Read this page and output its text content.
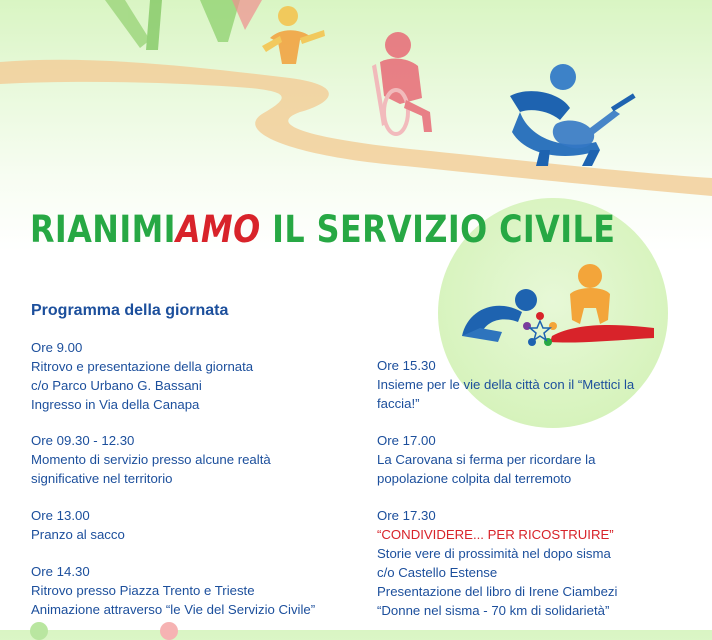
RIANIMIAMO IL SERVIZIO CIVILE
Programma della giornata
Ore 9.00
Ritrovo e presentazione della giornata
c/o Parco Urbano G. Bassani
Ingresso in Via della Canapa
Ore 09.30 - 12.30
Momento di servizio presso alcune realtà
significative nel territorio
Ore 13.00
Pranzo al sacco
Ore 14.30
Ritrovo presso Piazza Trento e Trieste
Animazione attraverso “le Vie del Servizio Civile”
Ore 15.30
Insieme per le vie della città con il “Mettici la
faccia!”
Ore 17.00
La Carovana si ferma per ricordare la
popolazione colpita dal terremoto
Ore 17.30
“CONDIVIDERE... PER RICOSTRUIRE”
Storie vere di prossimità nel dopo sisma
c/o Castello Estense
Presentazione del libro di Irene Ciambezi
“Donne nel sisma - 70 km di solidarietà”
